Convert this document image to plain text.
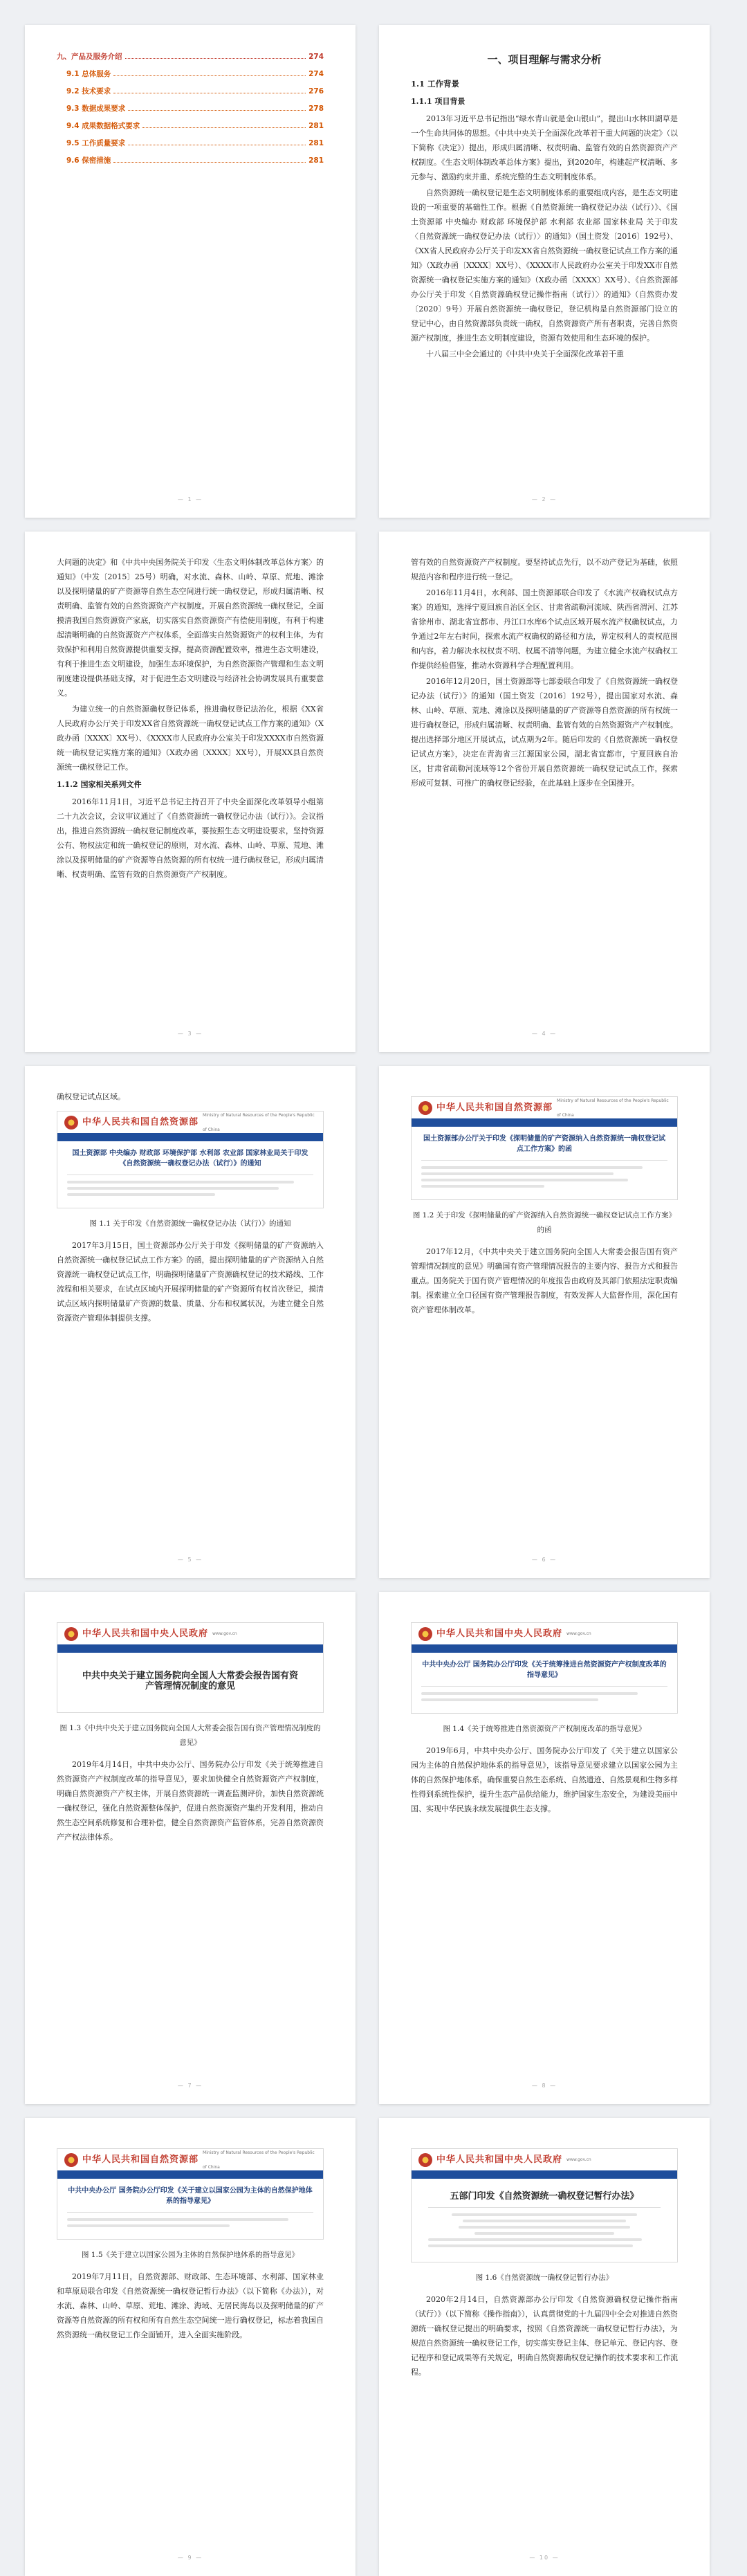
九、产品及服务介绍	274
9.1 总体服务	274
9.2 技术要求	276
9.3 数据成果要求	278
9.4 成果数据格式要求	281
9.5 工作质量要求	281
9.6 保密措施	281
— 1 —
一、项目理解与需求分析
1.1 工作背景
1.1.1 项目背景

2013年习近平总书记指出“绿水青山就是金山银山”，提出山水林田湖草是一个生命共同体的思想。《中共中央关于全面深化改革若干重大问题的决定》（以下简称《决定》）提出，形成归属清晰、权责明确、监管有效的自然资源资产产权制度。《生态文明体制改革总体方案》提出，到2020年，构建起产权清晰、多元参与、激励约束并重、系统完整的生态文明制度体系。

自然资源统一确权登记是生态文明制度体系的重要组成内容，是生态文明建设的一项重要的基础性工作。根据《自然资源统一确权登记办法（试行）》、《国土资源部 中央编办 财政部 环境保护部 水利部 农业部 国家林业局 关于印发〈自然资源统一确权登记办法（试行）〉的通知》（国土资发〔2016〕192号）、《XX省人民政府办公厅关于印发XX省自然资源统一确权登记试点工作方案的通知》（X政办函〔XXXX〕XX号）、《XXXX市人民政府办公室关于印发XX市自然资源统一确权登记实施方案的通知》（X政办函〔XXXX〕XX号）、《自然资源部办公厅关于印发〈自然资源确权登记操作指南（试行）〉的通知》（自然资办发〔2020〕9号）开展自然资源统一确权登记，登记机构是自然资源部门设立的登记中心，由自然资源部负责统一确权，自然资源资产所有者职责，完善自然资源产权制度，推进生态文明制度建设，资源有效使用和生态环境的保护。

十八届三中全会通过的《中共中央关于全面深化改革若干重

— 2 —

大问题的决定》和《中共中央国务院关于印发〈生态文明体制改革总体方案〉的通知》（中发〔2015〕25号）明确，对水流、森林、山岭、草原、荒地、滩涂以及探明储量的矿产资源等自然生态空间进行统一确权登记，形成归属清晰、权责明确、监管有效的自然资源资产产权制度。开展自然资源统一确权登记，全面摸清我国自然资源资产家底，切实落实自然资源资产有偿使用制度，有利于构建起清晰明确的自然资源资产产权体系，全面落实自然资源资产的权利主体，为有效保护和利用自然资源提供重要支撑，提高资源配置效率，推进生态文明建设，有利于推进生态文明建设，加强生态环境保护，为自然资源资产管理和生态文明制度建设提供基础支撑，对于促进生态文明建设与经济社会协调发展具有重要意义。

为建立统一的自然资源确权登记体系，推进确权登记法治化，根据《XX省人民政府办公厅关于印发XX省自然资源统一确权登记试点工作方案的通知》（X政办函〔XXXX〕XX号）、《XXXX市人民政府办公室关于印发XXXX市自然资源统一确权登记实施方案的通知》（X政办函〔XXXX〕XX号），开展XX县自然资源统一确权登记工作。

1.1.2 国家相关系列文件

2016年11月1日，习近平总书记主持召开了中央全面深化改革领导小组第二十九次会议，会议审议通过了《自然资源统一确权登记办法（试行）》。会议指出，推进自然资源统一确权登记制度改革，要按照生态文明建设要求，坚持资源公有、物权法定和统一确权登记的原则，对水流、森林、山岭、草原、荒地、滩涂以及探明储量的矿产资源等自然资源的所有权统一进行确权登记，形成归属清晰、权责明确、监管有效的自然资源资产产权制度。

— 3 —

管有效的自然资源资产产权制度。要坚持试点先行，以不动产登记为基础，依照规范内容和程序进行统一登记。

2016年11月4日，水利部、国土资源部联合印发了《水流产权确权试点方案》的通知，选择宁夏回族自治区全区、甘肃省疏勒河流域、陕西省渭河、江苏省徐州市、湖北省宜都市、丹江口水库6个试点区域开展水流产权确权试点，力争通过2年左右时间，探索水流产权确权的路径和方法，界定权利人的责权范围和内容，着力解决水权权责不明、权属不清等问题，为建立健全水流产权确权工作提供经验借鉴，推动水资源科学合理配置利用。

2016年12月20日，国土资源部等七部委联合印发了《自然资源统一确权登记办法（试行）》的通知（国土资发〔2016〕192号），提出国家对水流、森林、山岭、草原、荒地、滩涂以及探明储量的矿产资源等自然资源的所有权统一进行确权登记，形成归属清晰、权责明确、监管有效的自然资源资产产权制度。提出选择部分地区开展试点，试点期为2年。随后印发的《自然资源统一确权登记试点方案》，决定在青海省三江源国家公园，湖北省宜都市，宁夏回族自治区，甘肃省疏勒河流域等12个省份开展自然资源统一确权登记试点工作，探索形成可复制、可推广的确权登记经验，在此基础上逐步在全国推开。

— 4 —

确权登记试点区域。

中华人民共和国自然资源部
Ministry of Natural Resources of the People's Republic of China
国土资源部 中央编办 财政部 环境保护部 水利部 农业部 国家林业局关于印发《自然资源统一确权登记办法（试行）》的通知
图 1.1 关于印发《自然资源统一确权登记办法（试行）》的通知

2017年3月15日，国土资源部办公厅关于印发《探明储量的矿产资源纳入自然资源统一确权登记试点工作方案》的函，提出探明储量的矿产资源纳入自然资源统一确权登记试点工作，明确探明储量矿产资源确权登记的技术路线、工作流程和相关要求，在试点区域内开展探明储量的矿产资源所有权首次登记，摸清试点区域内探明储量矿产资源的数量、质量、分布和权属状况，为建立健全自然资源资产管理体制提供支撑。

— 5 —
中华人民共和国自然资源部
Ministry of Natural Resources of the People's Republic of China
国土资源部办公厅关于印发《探明储量的矿产资源纳入自然资源统一确权登记试点工作方案》的函
图 1.2 关于印发《探明储量的矿产资源纳入自然资源统一确权登记试点工作方案》的函

2017年12月，《中共中央关于建立国务院向全国人大常委会报告国有资产管理情况制度的意见》明确国有资产管理情况报告的主要内容、报告方式和报告重点。国务院关于国有资产管理情况的年度报告由政府及其部门依照法定职责编制。探索建立全口径国有资产管理报告制度，有效发挥人大监督作用，深化国有资产管理体制改革。

— 6 —
中华人民共和国中央人民政府 www.gov.cn
中共中央关于建立国务院向全国人大常委会报告国有资产管理情况制度的意见
图 1.3《中共中央关于建立国务院向全国人大常委会报告国有资产管理情况制度的意见》

2019年4月14日，中共中央办公厅、国务院办公厅印发《关于统筹推进自然资源资产产权制度改革的指导意见》，要求加快健全自然资源资产产权制度，明确自然资源资产产权主体，开展自然资源统一调查监测评价，加快自然资源统一确权登记，强化自然资源整体保护，促进自然资源资产集约开发利用，推动自然生态空间系统修复和合理补偿，健全自然资源资产监管体系，完善自然资源资产产权法律体系。

— 7 —
中华人民共和国中央人民政府 www.gov.cn
中共中央办公厅 国务院办公厅印发《关于统筹推进自然资源资产产权制度改革的指导意见》
图 1.4《关于统筹推进自然资源资产产权制度改革的指导意见》

2019年6月，中共中央办公厅、国务院办公厅印发了《关于建立以国家公园为主体的自然保护地体系的指导意见》，该指导意见要求建立以国家公园为主体的自然保护地体系，确保重要自然生态系统、自然遗迹、自然景观和生物多样性得到系统性保护，提升生态产品供给能力，维护国家生态安全，为建设美丽中国、实现中华民族永续发展提供生态支撑。

— 8 —
中华人民共和国自然资源部
Ministry of Natural Resources of the People's Republic of China
中共中央办公厅 国务院办公厅印发《关于建立以国家公园为主体的自然保护地体系的指导意见》
图 1.5《关于建立以国家公园为主体的自然保护地体系的指导意见》

2019年7月11日，自然资源部、财政部、生态环境部、水利部、国家林业和草原局联合印发《自然资源统一确权登记暂行办法》（以下简称《办法》），对水流、森林、山岭、草原、荒地、滩涂、海域、无居民海岛以及探明储量的矿产资源等自然资源的所有权和所有自然生态空间统一进行确权登记，标志着我国自然资源统一确权登记工作全面铺开，进入全面实施阶段。

— 9 —
中华人民共和国中央人民政府 www.gov.cn
五部门印发《自然资源统一确权登记暂行办法》
图 1.6《自然资源统一确权登记暂行办法》

2020年2月14日，自然资源部办公厅印发《自然资源确权登记操作指南（试行）》（以下简称《操作指南》），认真贯彻党的十九届四中全会对推进自然资源统一确权登记提出的明确要求，按照《自然资源统一确权登记暂行办法》，为规范自然资源统一确权登记工作，切实落实登记主体、登记单元、登记内容、登记程序和登记成果等有关规定，明确自然资源确权登记操作的技术要求和工作流程。

— 10 —
